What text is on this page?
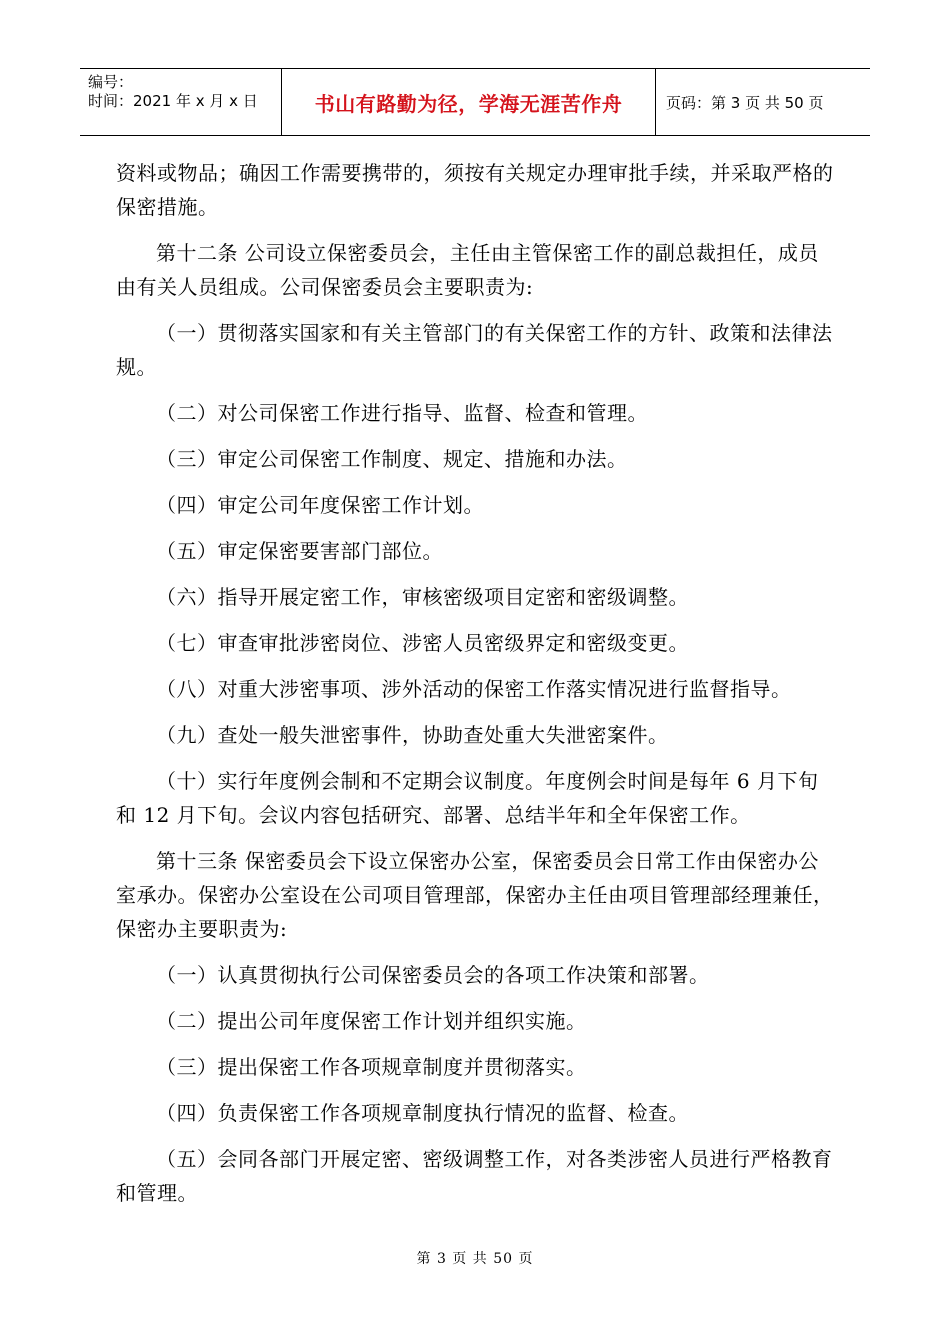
编号：
时间：2021 年 x 月 x 日	书山有路勤为径，学海无涯苦作舟	页码：第 3 页 共 50 页

资料或物品；确因工作需要携带的，须按有关规定办理审批手续，并采取严格的保密措施。

第十二条 公司设立保密委员会，主任由主管保密工作的副总裁担任，成员由有关人员组成。公司保密委员会主要职责为:

（一）贯彻落实国家和有关主管部门的有关保密工作的方针、政策和法律法规。

（二）对公司保密工作进行指导、监督、检查和管理。

（三）审定公司保密工作制度、规定、措施和办法。

（四）审定公司年度保密工作计划。

（五）审定保密要害部门部位。

（六）指导开展定密工作，审核密级项目定密和密级调整。

（七）审查审批涉密岗位、涉密人员密级界定和密级变更。

（八）对重大涉密事项、涉外活动的保密工作落实情况进行监督指导。

（九）查处一般失泄密事件，协助查处重大失泄密案件。

（十）实行年度例会制和不定期会议制度。年度例会时间是每年 6 月下旬和 12 月下旬。会议内容包括研究、部署、总结半年和全年保密工作。

第十三条 保密委员会下设立保密办公室，保密委员会日常工作由保密办公室承办。保密办公室设在公司项目管理部，保密办主任由项目管理部经理兼任，保密办主要职责为:

（一）认真贯彻执行公司保密委员会的各项工作决策和部署。

（二）提出公司年度保密工作计划并组织实施。

（三）提出保密工作各项规章制度并贯彻落实。

（四）负责保密工作各项规章制度执行情况的监督、检查。

（五）会同各部门开展定密、密级调整工作，对各类涉密人员进行严格教育和管理。

第 3 页 共 50 页
